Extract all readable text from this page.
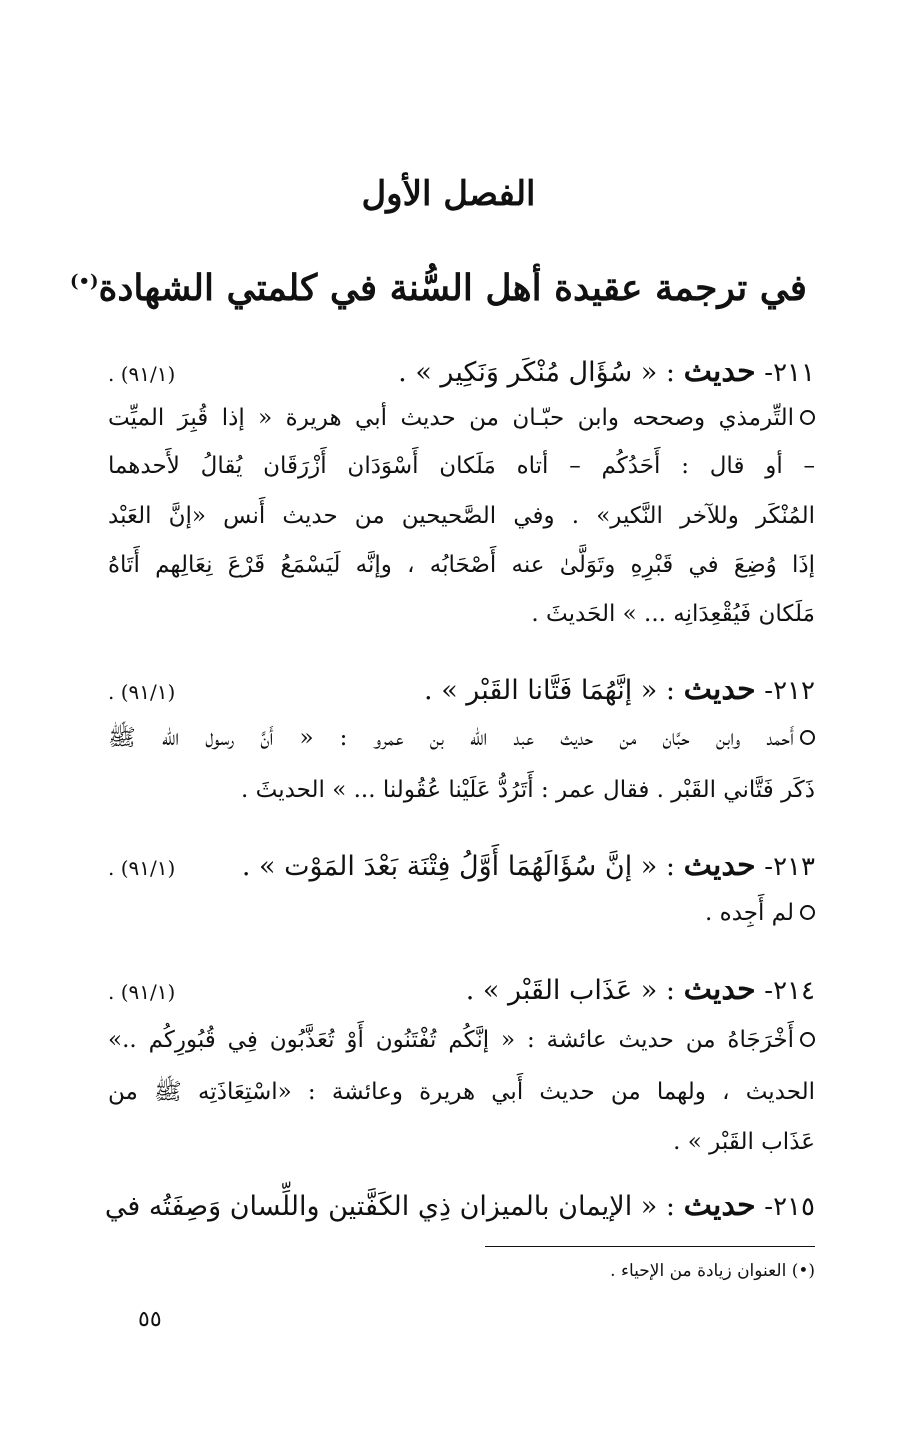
الفصل الأول
في ترجمة عقيدة أهل السُّنة في كلمتي الشهادة(•)
٢١١- حديث : « سُؤَال مُنْكَر وَنَكِير » .
(٩١/١) .
التِّرمذي وصححه وابن حبّـان من حديث أبي هريرة « إذا قُبِرَ الميِّت
– أو قال : أَحَدُكُم – أتاه مَلَكان أَسْوَدَان أَزْرَقَان يُقالُ لأَحدهما
المُنْكَر وللآخر النَّكير» . وفي الصَّحيحين من حديث أَنس «إنَّ العَبْد
إذَا وُضِعَ في قَبْرِهِ وتَوَلَّىٰ عنه أَصْحَابُه ، وإنَّه لَيَسْمَعُ قَرْعَ نِعَالِهم أَتَاهُ
مَلَكان فَيُقْعِدَانِه ... » الحَديثَ .
٢١٢- حديث : « إنَّهُمَا فَتَّانا القَبْر » .
(٩١/١) .
أَحمد وابن حبَّان من حديث عبد الله بن عمرو : « أَنَّ رسول الله ﷺ
ذَكَر فَتَّاني القَبْر . فقال عمر : أَتَرُدُّ عَلَيْنا عُقُولنا ... » الحديثَ .
٢١٣- حديث : « إنَّ سُؤَالَهُمَا أَوَّلُ فِتْنَة بَعْدَ المَوْت » .
(٩١/١) .
لم أَجِده .
٢١٤- حديث : « عَذَاب القَبْر » .
(٩١/١) .
أَخْرَجَاهُ من حديث عائشة : « إنَّكُم تُفْتَنُون أَوْ تُعَذَّبُون فِي قُبُورِكُم ..»
الحديث ، ولهما من حديث أَبي هريرة وعائشة : «اسْتِعَاذَتِه ﷺ من
عَذَاب القَبْر » .
٢١٥- حديث : « الإيمان بالميزان ذِي الكَفَّتين واللِّسان وَصِفَتُه في
(•) العنوان زيادة من الإحياء .
٥٥
